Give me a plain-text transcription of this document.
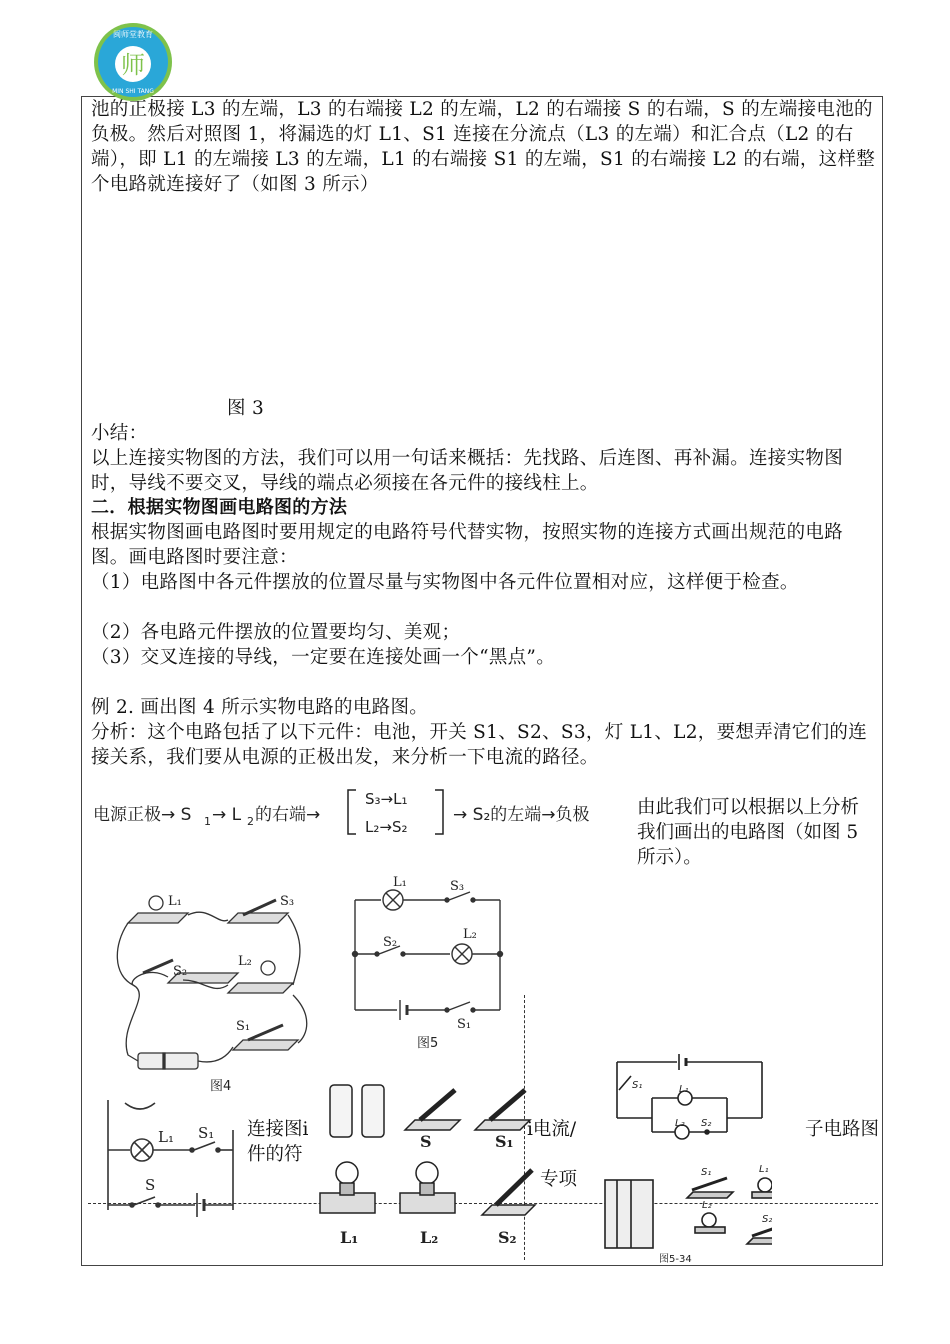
闽师堂教育
师
MIN SHI TANG
池的正极接 L3 的左端，L3 的右端接 L2 的左端，L2 的右端接 S 的右端，S 的左端接电池的负极。然后对照图 1，将漏选的灯 L1、S1 连接在分流点（L3 的左端）和汇合点（L2 的右端），即 L1 的左端接 L3 的左端，L1 的右端接 S1 的左端，S1 的右端接 L2 的右端，这样整个电路就连接好了（如图 3 所示）
图 3
小结：
以上连接实物图的方法，我们可以用一句话来概括：先找路、后连图、再补漏。连接实物图时，导线不要交叉，导线的端点必须接在各元件的接线柱上。
二．根据实物图画电路图的方法
根据实物图画电路图时要用规定的电路符号代替实物，按照实物的连接方式画出规范的电路图。画电路图时要注意：
（1）电路图中各元件摆放的位置尽量与实物图中各元件位置相对应，这样便于检查。
（2）各电路元件摆放的位置要均匀、美观；
（3）交叉连接的导线，一定要在连接处画一个“黑点”。
例 2. 画出图 4 所示实物电路的电路图。
分析：这个电路包括了以下元件：电池，开关 S1、S2、S3，灯 L1、L2，要想弄清它们的连接关系，我们要从电源的正极出发，来分析一下电流的路径。
电源正极→ S 1 → L 2 的右端→
S₃→L₁
L₂→S₂
→ S₂的左端→负极	由此我们可以根据以上分析我们画出的电路图（如图 5 所示）。
L₁	S₃
S₂
L₂
S₁
图4
L₁	S₃
S₂
L₂
S₁
图5
连接图i
件的符
i电流/	子电路图
专项
L₁ S₁
S
S	S₁
L₁	L₂	S₂
S₁	L₁
L₂ S₂
S₁	L₁
L₂
S₂
图5-34
